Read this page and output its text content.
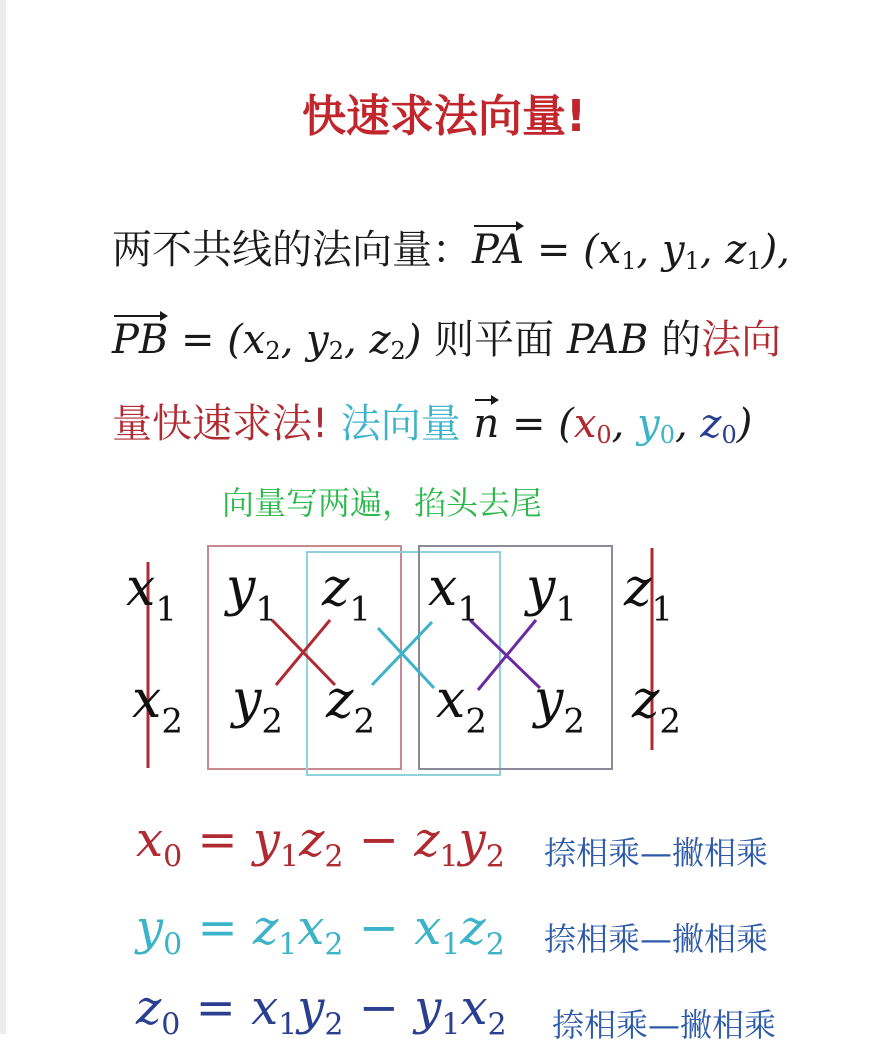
快速求法向量!
两不共线的法向量：PA = ($x_1$, $y_1$, $z_1$),
PB = ($x_2$, $y_2$, $z_2$) 则平面 PAB 的法向
量快速求法! 法向量 $n = (x_0$, $y_0$, $z_0$)
向量写两遍，掐头去尾
$x_1$ $y_1$ $z_1$ $x_1$ $y_1$ $z_1$
$x_2$ $y_2$ $z_2$ $x_2$ $y_2$ $z_2$
$x_0 = y_1z_2 - z_1y_2$ 捺相乘—撇相乘
$y_0 = z_1x_2 - x_1z_2$ 捺相乘—撇相乘
$z_0 = x_1y_2 - y_1x_2$ 捺相乘—撇相乘
